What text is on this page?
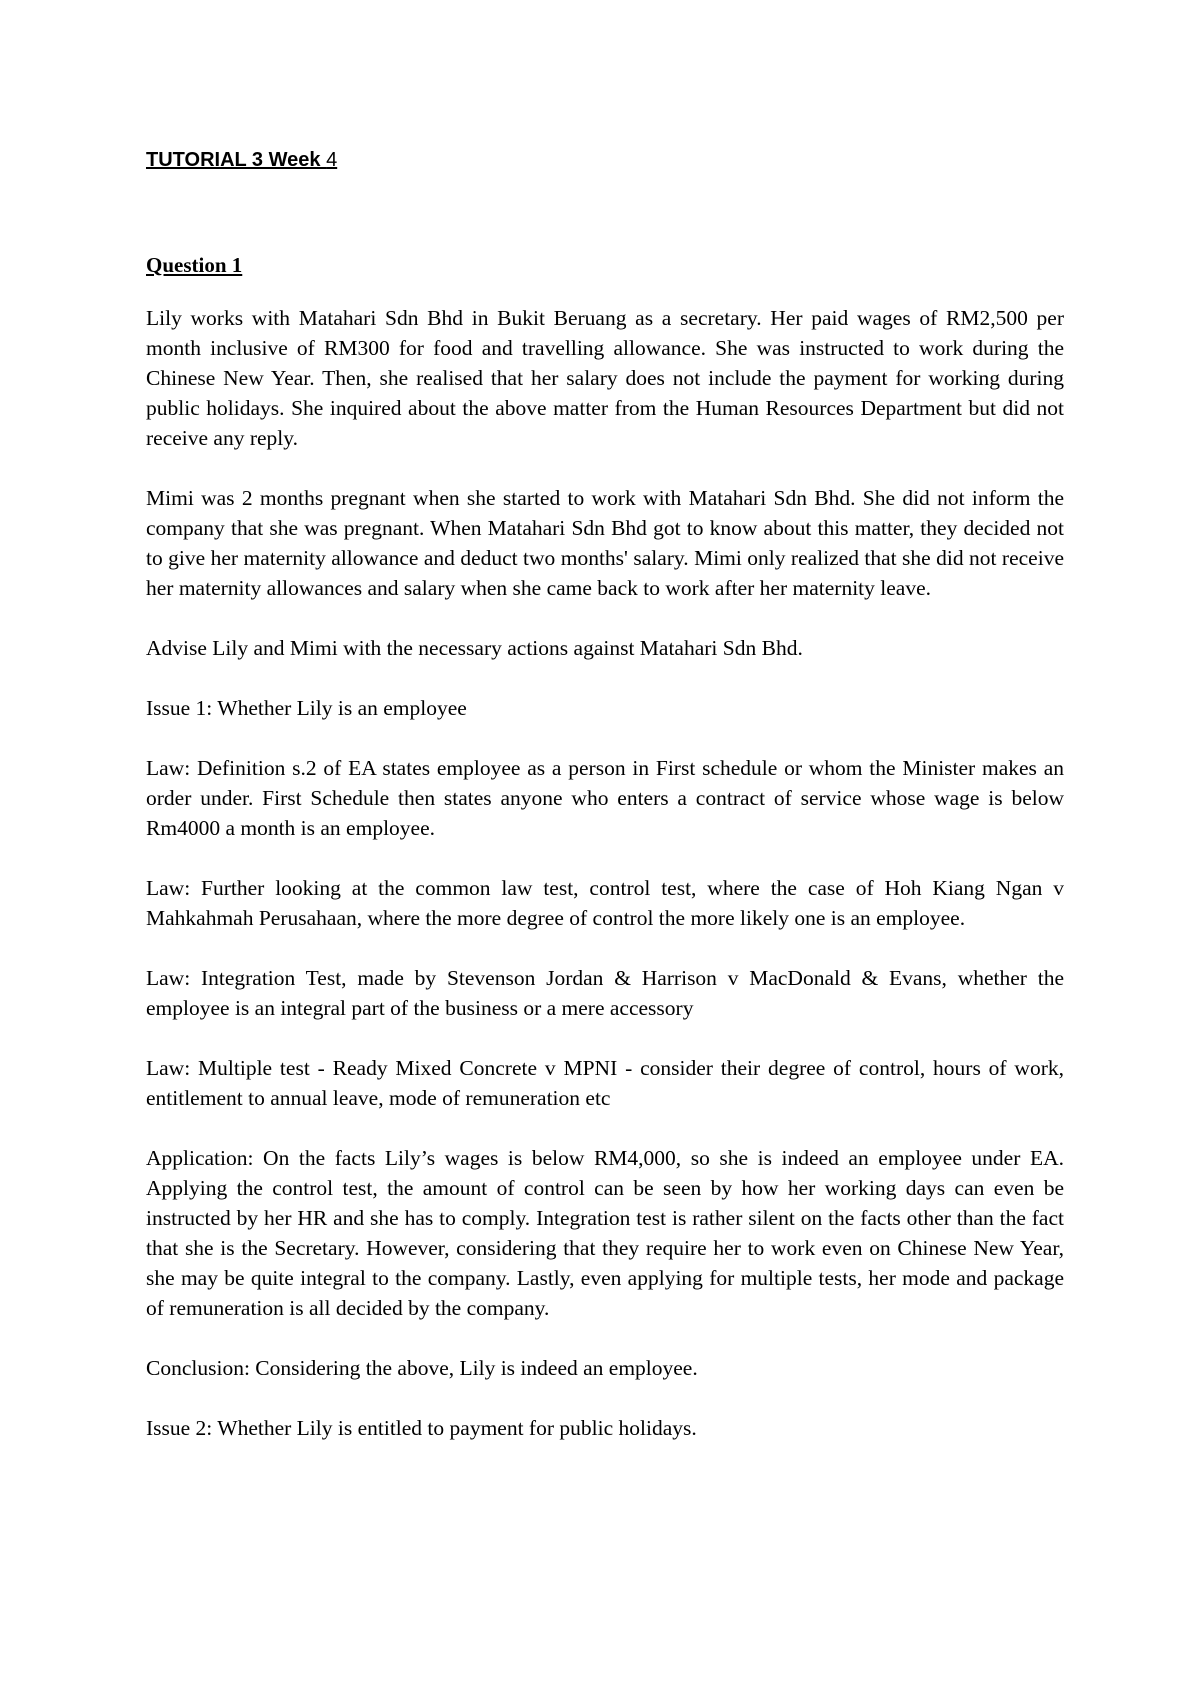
TUTORIAL 3 Week 4
Question 1

Lily works with Matahari Sdn Bhd in Bukit Beruang as a secretary. Her paid wages of RM2,500 per month inclusive of RM300 for food and travelling allowance. She was instructed to work during the Chinese New Year. Then, she realised that her salary does not include the payment for working during public holidays. She inquired about the above matter from the Human Resources Department but did not receive any reply.

Mimi was 2 months pregnant when she started to work with Matahari Sdn Bhd. She did not inform the company that she was pregnant. When Matahari Sdn Bhd got to know about this matter, they decided not to give her maternity allowance and deduct two months' salary. Mimi only realized that she did not receive her maternity allowances and salary when she came back to work after her maternity leave.

Advise Lily and Mimi with the necessary actions against Matahari Sdn Bhd.

Issue 1: Whether Lily is an employee

Law: Definition s.2 of EA states employee as a person in First schedule or whom the Minister makes an order under. First Schedule then states anyone who enters a contract of service whose wage is below Rm4000 a month is an employee.

Law: Further looking at the common law test, control test, where the case of Hoh Kiang Ngan v Mahkahmah Perusahaan, where the more degree of control the more likely one is an employee.

Law: Integration Test, made by Stevenson Jordan & Harrison v MacDonald & Evans, whether the employee is an integral part of the business or a mere accessory

Law: Multiple test - Ready Mixed Concrete v MPNI - consider their degree of control, hours of work, entitlement to annual leave, mode of remuneration etc

Application: On the facts Lily’s wages is below RM4,000, so she is indeed an employee under EA. Applying the control test, the amount of control can be seen by how her working days can even be instructed by her HR and she has to comply. Integration test is rather silent on the facts other than the fact that she is the Secretary. However, considering that they require her to work even on Chinese New Year, she may be quite integral to the company. Lastly, even applying for multiple tests, her mode and package of remuneration is all decided by the company.

Conclusion: Considering the above, Lily is indeed an employee.

Issue 2: Whether Lily is entitled to payment for public holidays.
